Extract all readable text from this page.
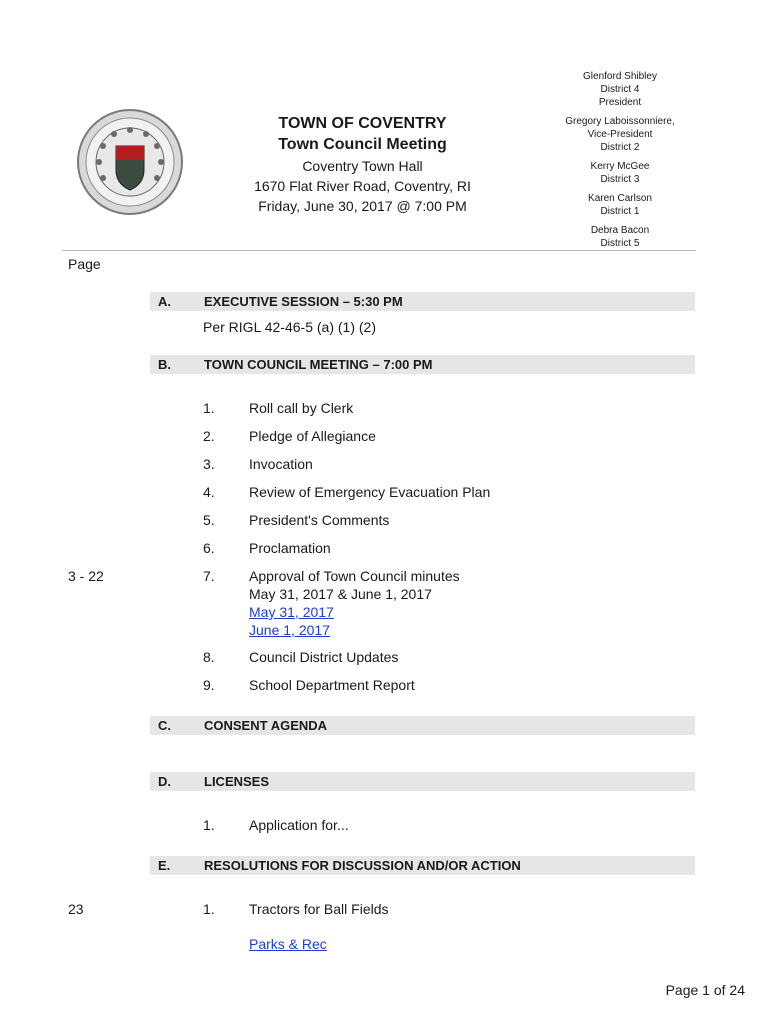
TOWN OF COVENTRY
Town Council Meeting
Coventry Town Hall
1670 Flat River Road, Coventry, RI
Friday, June 30, 2017 @ 7:00 PM
Glenford Shibley
District 4
President
Gregory Laboissonniere,
Vice-President
District 2
Kerry McGee
District 3
Karen Carlson
District 1
Debra Bacon
District 5
Page
A.	EXECUTIVE SESSION – 5:30 PM
Per RIGL 42-46-5 (a) (1) (2)
B.	TOWN COUNCIL MEETING – 7:00 PM
1. Roll call by Clerk
2. Pledge of Allegiance
3. Invocation
4. Review of Emergency Evacuation Plan
5. President's Comments
6. Proclamation
3 - 22	7. Approval of Town Council minutes
May 31, 2017 & June 1, 2017
May 31, 2017
June 1, 2017
8. Council District Updates
9. School Department Report
C.	CONSENT AGENDA
D.	LICENSES
1. Application for...
E.	RESOLUTIONS FOR DISCUSSION AND/OR ACTION
23	1. Tractors for Ball Fields
Parks & Rec
Page 1 of 24
